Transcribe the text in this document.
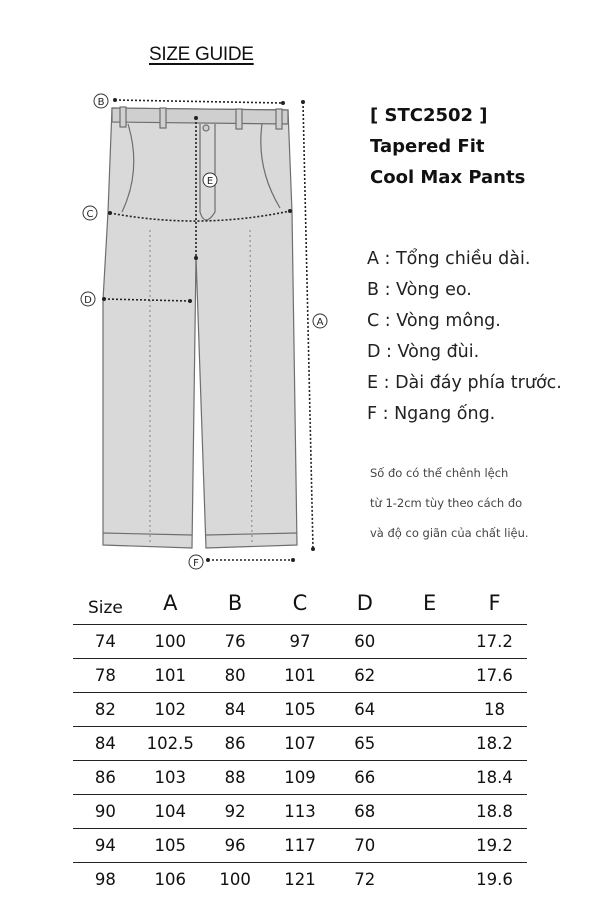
SIZE GUIDE
B
E
C
D
A
F
[ STC2502 ]
Tapered Fit
Cool Max Pants
A : Tổng chiều dài.
B : Vòng eo.
C : Vòng mông.
D : Vòng đùi.
E : Dài đáy phía trước.
F : Ngang ống.
Số đo có thể chênh lệch
từ 1-2cm tùy theo cách đo
và độ co giãn của chất liệu.
Size	A	B	C	D	E	F
74	100	76	97	60		17.2
78	101	80	101	62		17.6
82	102	84	105	64		18
84	102.5	86	107	65		18.2
86	103	88	109	66		18.4
90	104	92	113	68		18.8
94	105	96	117	70		19.2
98	106	100	121	72		19.6
